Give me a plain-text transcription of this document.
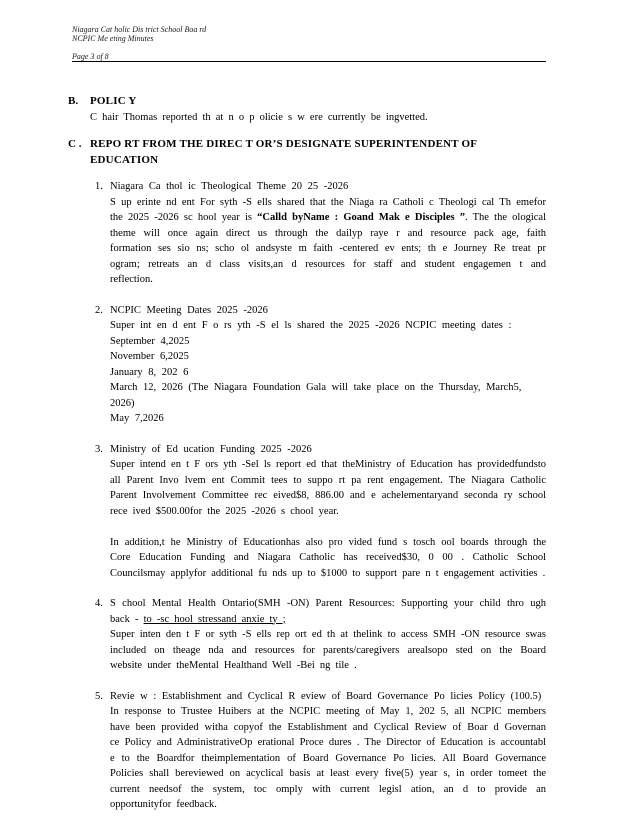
Niagara Cat holic Dis trict School Boa rd
NCPIC Me eting Minutes
Page 3 of 8
B.	POLIC Y
C hair Thomas reported th at n o p olicie s w ere currently be ingvetted.
C . REPO RT FROM THE DIREC T OR’S DESIGNATE SUPERINTENDENT OF EDUCATION
1. Niagara Ca thol ic Theological Theme 20 25 -2026
S up erinte nd ent For syth -S ells shared that the Niaga ra Catholi c Theologi cal Th emefor the 2025 -2026 sc hool year is “Calld byName : Goand Mak e Disciples ”. The the ological theme will once again direct us through the dailyp raye r and resource pack age, faith formation ses sio ns; scho ol andsyste m faith -centered ev ents; th e Journey Re treat pr ogram; retreats an d class visits,an d resources for staff and student engagemen t and reflection.
2. NCPIC Meeting Dates 2025 -2026
Super int en d ent F o rs yth -S el ls shared the 2025 -2026 NCPIC meeting dates :
September 4,2025
November 6,2025
January 8, 202 6
March 12, 2026 (The Niagara Foundation Gala will take place on the Thursday, March5, 2026)
May 7,2026
3. Ministry of Ed ucation Funding 2025 -2026
Super intend en t F ors yth -Sel ls report ed that theMinistry of Education has providedfundsto all Parent Invo lvem ent Commit tees to suppo rt pa rent engagement. The Niagara Catholic Parent Involvement Committee rec eived$8, 886.00 and e achelementaryand seconda ry school rece ived $500.00for the 2025 -2026 s chool year.
In addition,t he Ministry of Educationhas also pro vided fund s tosch ool boards through the Core Education Funding and Niagara Catholic has received$30, 0 00 . Catholic School Councilsmay applyfor additional fu nds up to $1000 to support pare n t engagement activities .
4. S chool Mental Health Ontario(SMH -ON) Parent Resources: Supporting your child thro ugh back - to -sc hool stressand anxie ty ;
Super inten den t F or syth -S ells rep ort ed th at thelink to access SMH -ON resource swas included on theage nda and resources for parents/caregivers arealsopo sted on the Board website under theMental Healthand Well -Bei ng tile .
5. Revie w : Establishment and Cyclical R eview of Board Governance Po licies Policy (100.5)
In response to Trustee Huibers at the NCPIC meeting of May 1, 202 5, all NCPIC members have been provided witha copyof the Establishment and Cyclical Review of Boar d Governan ce Policy and AdministrativeOp erational Proce dures . The Director of Education is accountabl e to the Boardfor theimplementation of Board Governance Po licies. All Board Governance Policies shall bereviewed on acyclical basis at least every five(5) year s, in order tomeet the current needsof the system, toc omply with current legisl ation, an d to provide an opportunityfor feedback.
